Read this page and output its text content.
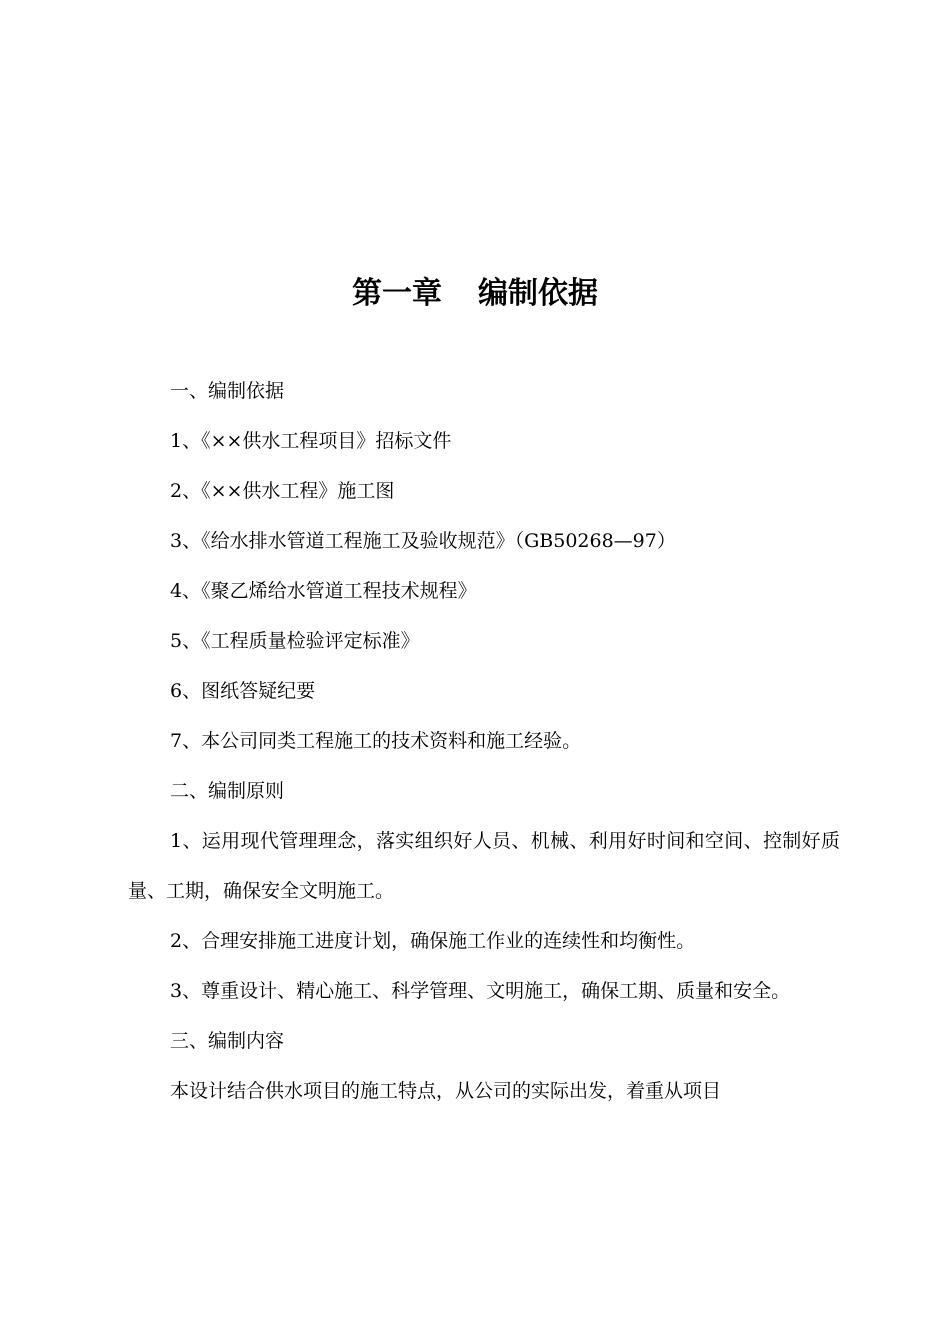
第一章 编制依据

一、编制依据

1、《××供水工程项目》招标文件

2、《××供水工程》施工图

3、《给水排水管道工程施工及验收规范》（GB50268—97）

4、《聚乙烯给水管道工程技术规程》

5、《工程质量检验评定标准》

6、图纸答疑纪要

7、本公司同类工程施工的技术资料和施工经验。

二、编制原则

1、运用现代管理理念，落实组织好人员、机械、利用好时间和空间、控制好质量、工期，确保安全文明施工。

2、合理安排施工进度计划，确保施工作业的连续性和均衡性。

3、尊重设计、精心施工、科学管理、文明施工，确保工期、质量和安全。

三、编制内容

本设计结合供水项目的施工特点，从公司的实际出发，着重从项目
